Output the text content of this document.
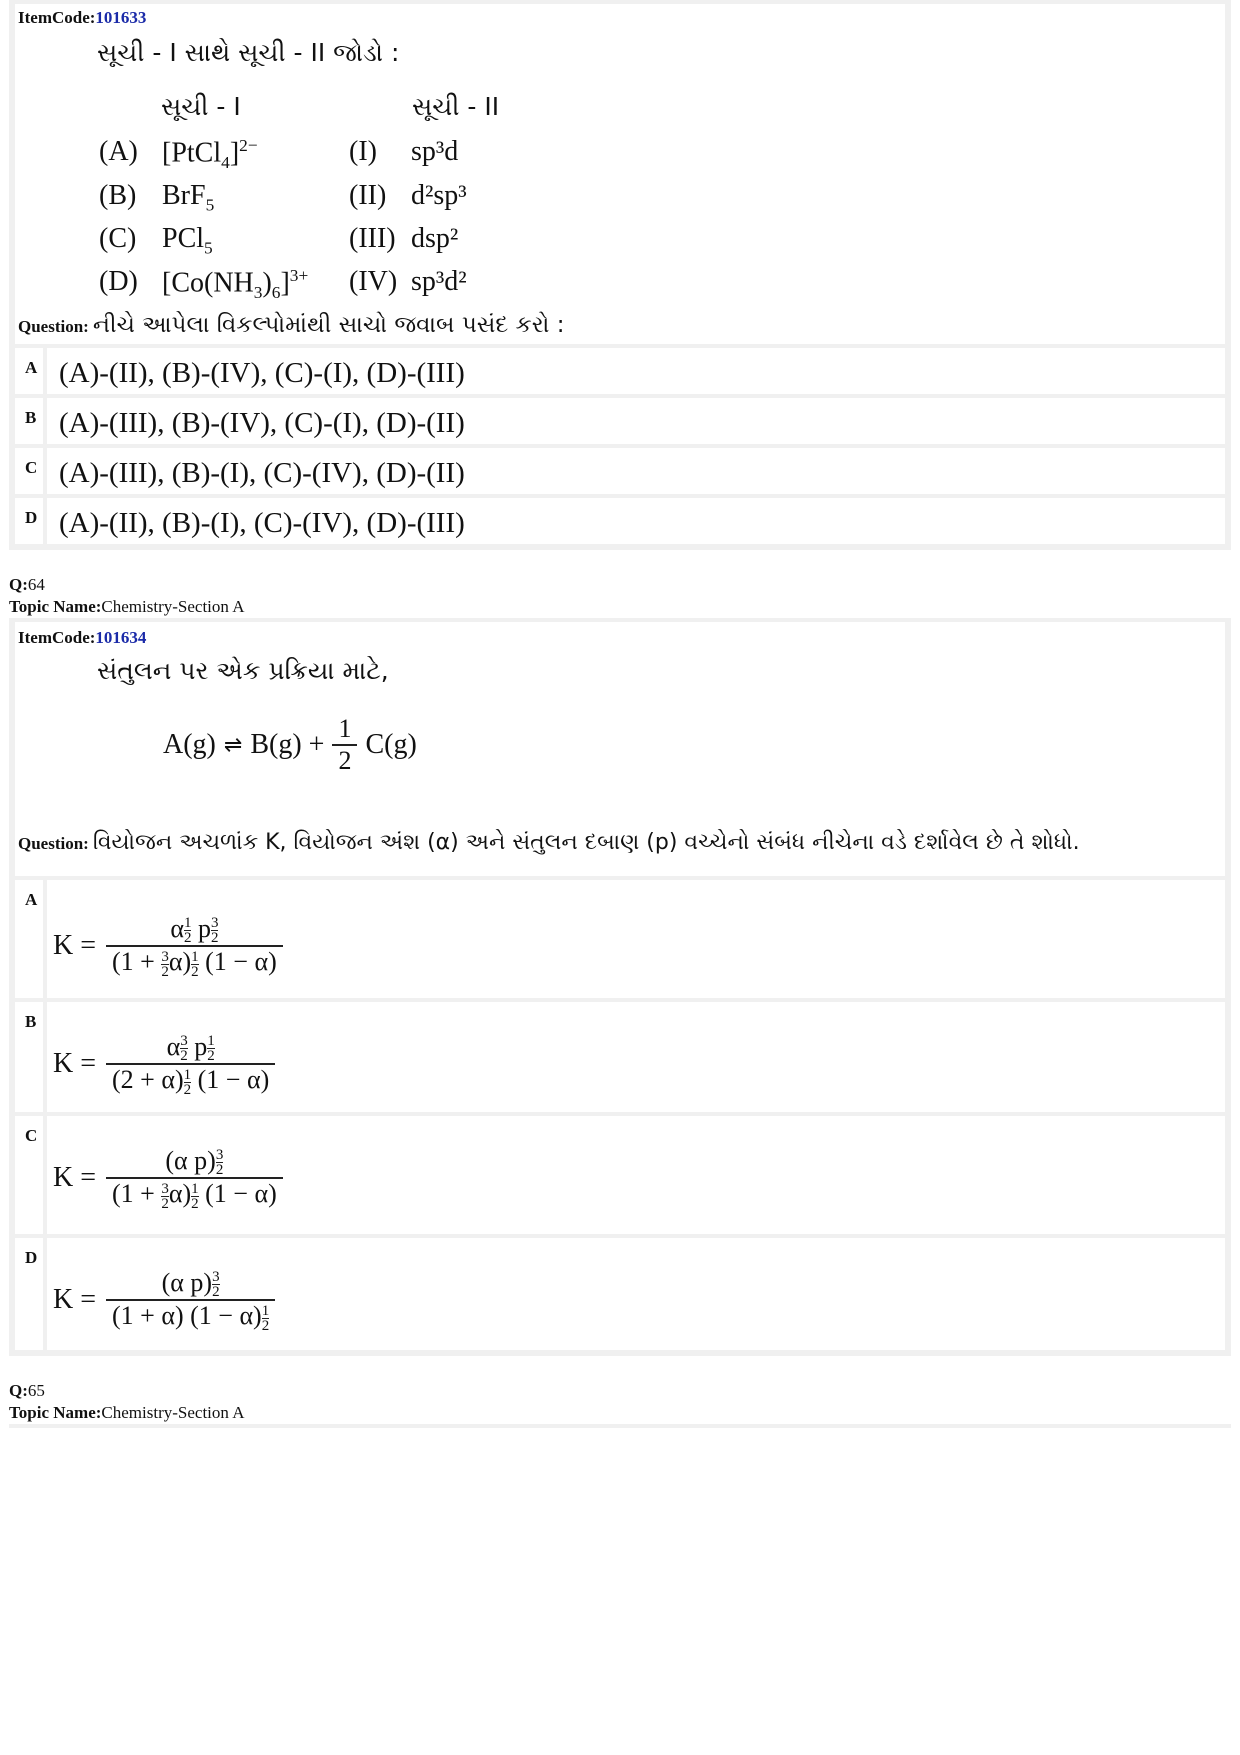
ItemCode:101633
સૂચી - I સાથે સૂચી - II જોડો :
સૂચી - I	સૂચી - II
(A) [PtCl$_4$]$^{2-}$	(I) sp³d
(B) BrF$_5$	(II) d²sp³
(C) PCl$_5$	(III) dsp²
(D) $[Co(NH_3)_6]^{3+}$ (IV) sp³d²
Question: નીચે આપેલા વિકલ્પોમાંથી સાચો જવાબ પસંદ કરો :
A (A)-(II), (B)-(IV), (C)-(I), (D)-(III)
B (A)-(III), (B)-(IV), (C)-(I), (D)-(II)
C (A)-(III), (B)-(I), (C)-(IV), (D)-(II)
D (A)-(II), (B)-(I), (C)-(IV), (D)-(III)
Q:64
Topic Name:Chemistry-Section A
ItemCode:101634
સંતુલન પર એક પ્રક્રિયા માટે,
A(g) ⇌ $B(g) + \frac{1}{2} C(g)$
Question: વિયોજન અચળાંક K, વિયોજન અંશ (α) અને સંતુલન દબાણ (p) વચ્ચેનો સંબંધ નીચેના વડે દર્શાવેલ છે તે શોધો.
A
$K = \frac{\alpha \frac{1}{2} p \frac{3}{2}}{(1 + \frac{3}{2} \alpha) \frac{1}{2} (1 - \alpha)}$
B
$K = \frac{\alpha \frac{3}{2} p \frac{1}{2}}{(2 + \alpha) \frac{1}{2} (1 - \alpha)}$
C
$K = \frac{(\alpha p) \frac{3}{2}}{(1 + \frac{3}{2} \alpha) \frac{1}{2} (1 - \alpha)}$
D
$K = \frac{(\alpha p) \frac{3}{2}}{(1 + \alpha) (1 - \alpha) \frac{1}{2}}$
Q:65
Topic Name:Chemistry-Section A
